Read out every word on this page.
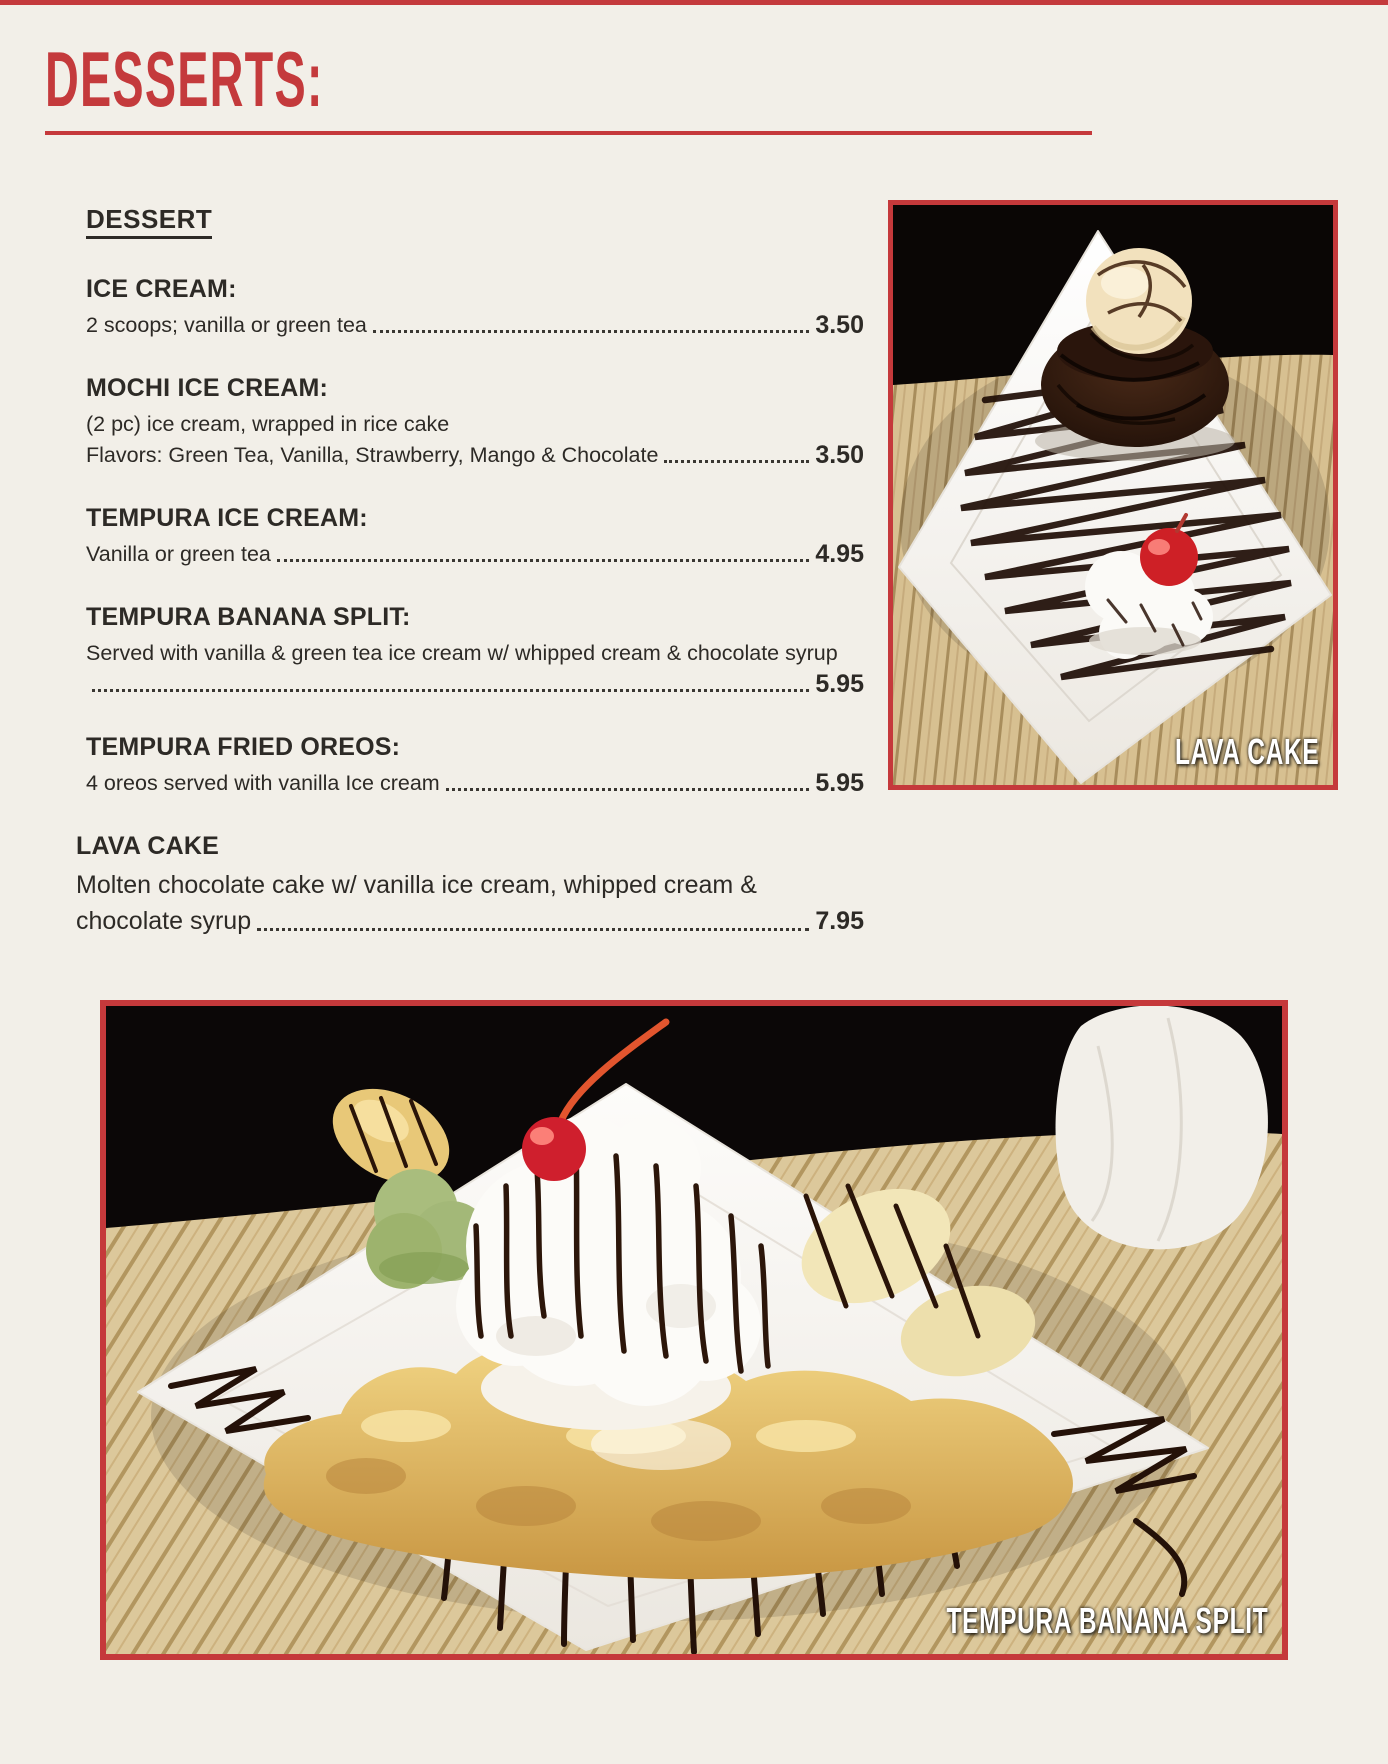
DESSERTS:
DESSERT
ICE CREAM:
2 scoops; vanilla or green tea	3.50
MOCHI ICE CREAM:
(2 pc) ice cream, wrapped in rice cake
Flavors: Green Tea, Vanilla, Strawberry, Mango & Chocolate	3.50
TEMPURA ICE CREAM:
Vanilla or green tea	4.95
TEMPURA BANANA SPLIT:
Served with vanilla & green tea ice cream w/ whipped cream & chocolate syrup
5.95
TEMPURA FRIED OREOS:
4 oreos served with vanilla Ice cream	5.95
LAVA CAKE
Molten chocolate cake w/ vanilla ice cream, whipped cream &
chocolate syrup	7.95
LAVA CAKE
TEMPURA BANANA SPLIT
